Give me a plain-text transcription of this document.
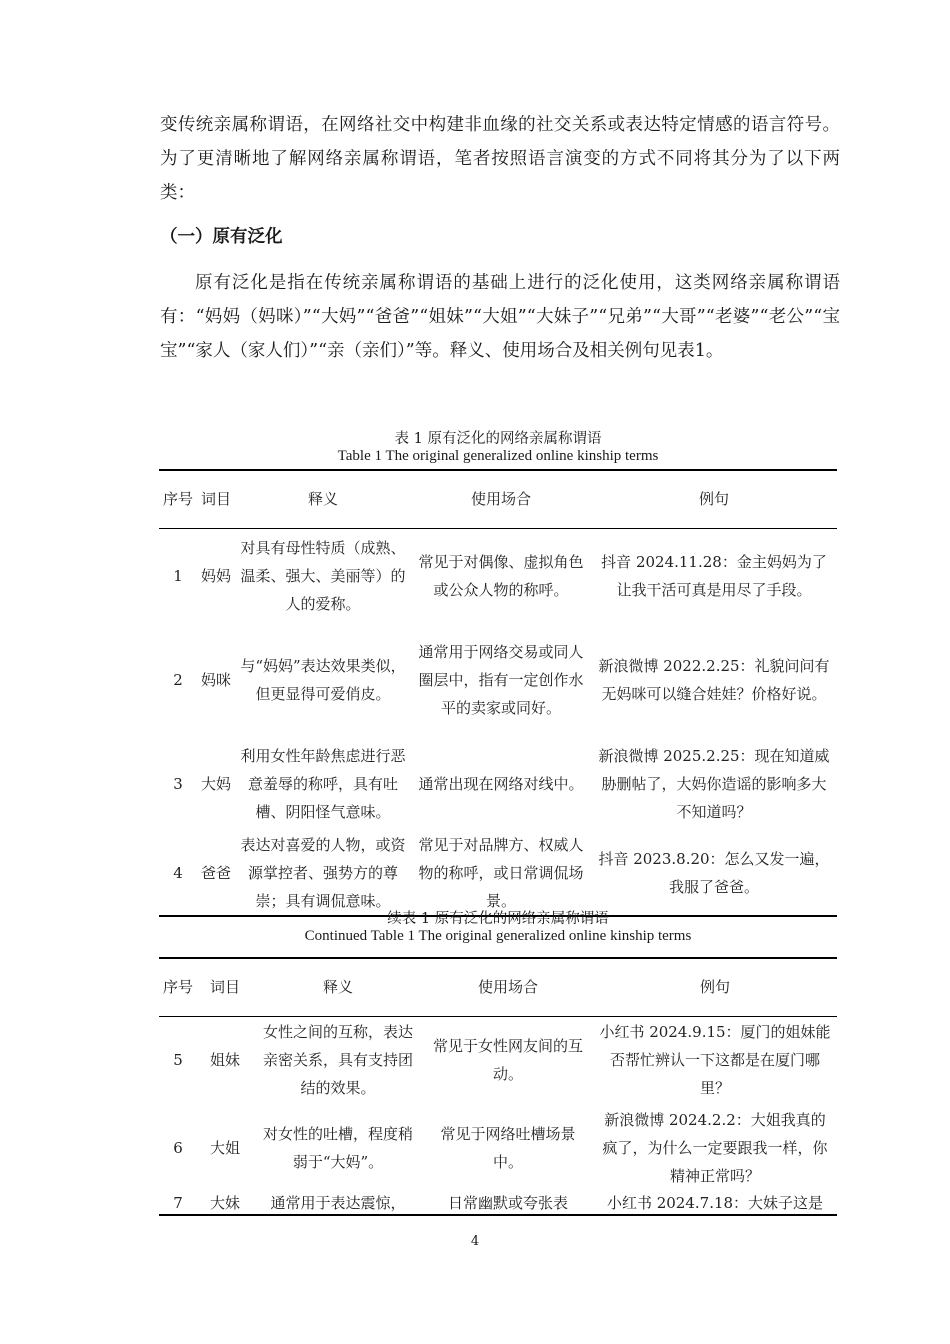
变传统亲属称谓语，在网络社交中构建非血缘的社交关系或表达特定情感的语言符号。为了更清晰地了解网络亲属称谓语，笔者按照语言演变的方式不同将其分为了以下两类：

（一）原有泛化

原有泛化是指在传统亲属称谓语的基础上进行的泛化使用，这类网络亲属称谓语有：“妈妈（妈咪）”“大妈”“爸爸”“姐妹”“大姐”“大妹子”“兄弟”“大哥”“老婆”“老公”“宝宝”“家人（家人们）”“亲（亲们）”等。释义、使用场合及相关例句见表1。

表 1 原有泛化的网络亲属称谓语
Table 1 The original generalized online kinship terms
序号	词目	释义	使用场合	例句
1	妈妈	对具有母性特质（成熟、温柔、强大、美丽等）的人的爱称。	常见于对偶像、虚拟角色或公众人物的称呼。	抖音 2024.11.28：金主妈妈为了让我干活可真是用尽了手段。
2	妈咪	与“妈妈”表达效果类似，但更显得可爱俏皮。	通常用于网络交易或同人圈层中，指有一定创作水平的卖家或同好。	新浪微博 2022.2.25：礼貌问问有无妈咪可以缝合娃娃？价格好说。
3	大妈	利用女性年龄焦虑进行恶意羞辱的称呼，具有吐槽、阴阳怪气意味。	通常出现在网络对线中。	新浪微博 2025.2.25：现在知道威胁删帖了，大妈你造谣的影响多大不知道吗？
4	爸爸	表达对喜爱的人物，或资源掌控者、强势方的尊崇；具有调侃意味。	常见于对品牌方、权威人物的称呼，或日常调侃场景。	抖音 2023.8.20：怎么又发一遍，我服了爸爸。
续表 1 原有泛化的网络亲属称谓语
Continued Table 1 The original generalized online kinship terms
序号	词目	释义	使用场合	例句
5	姐妹	女性之间的互称，表达亲密关系，具有支持团结的效果。	常见于女性网友间的互动。	小红书 2024.9.15：厦门的姐妹能否帮忙辨认一下这都是在厦门哪里？
6	大姐	对女性的吐槽，程度稍弱于“大妈”。	常见于网络吐槽场景中。	新浪微博 2024.2.2：大姐我真的疯了，为什么一定要跟我一样，你精神正常吗？
7	大妹	通常用于表达震惊，	日常幽默或夸张表	小红书 2024.7.18：大妹子这是

4
